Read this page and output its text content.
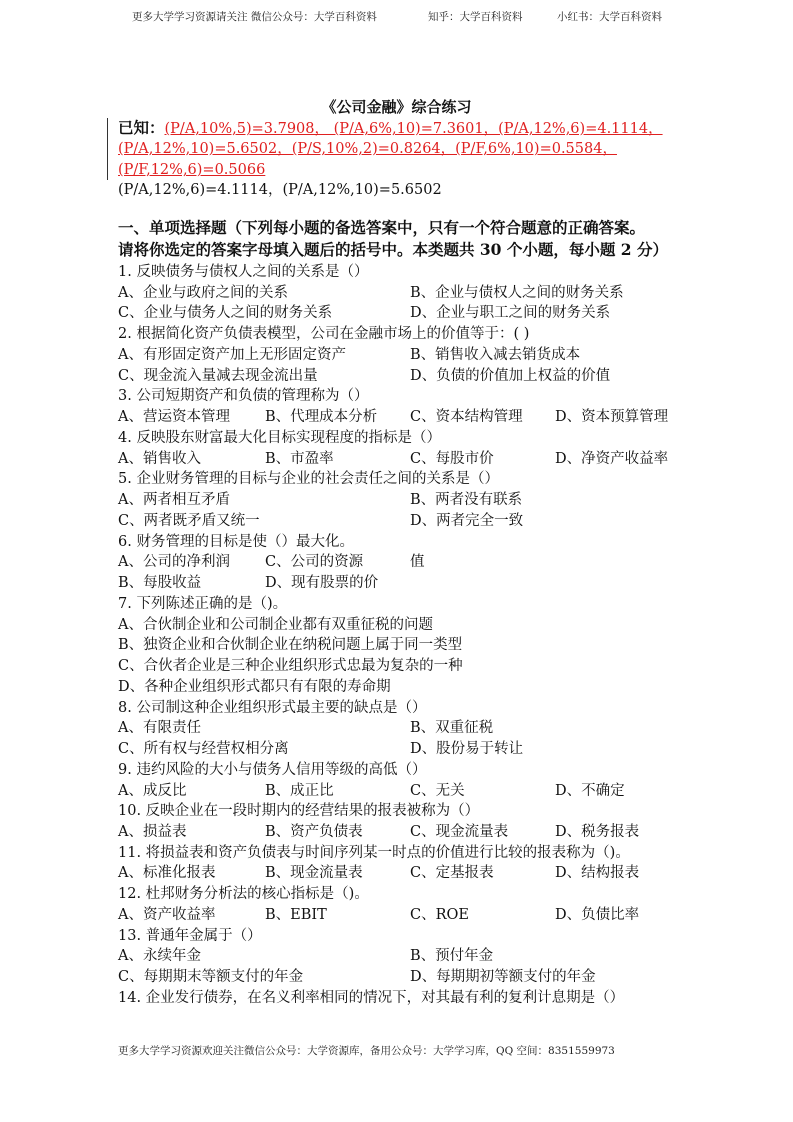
更多大学学习资源请关注 微信公众号：大学百科资料	知乎：大学百科资料	小红书：大学百科资料
《公司金融》综合练习
已知：(P/A,10%,5)=3.7908， (P/A,6%,10)=7.3601，(P/A,12%,6)=4.1114，
(P/A,12%,10)=5.6502，(P/S,10%,2)=0.8264，(P/F,6%,10)=0.5584，
(P/F,12%,6)=0.5066
(P/A,12%,6)=4.1114，(P/A,12%,10)=5.6502
一、单项选择题（下列每小题的备选答案中，只有一个符合题意的正确答案。
请将你选定的答案字母填入题后的括号中。本类题共 30 个小题，每小题 2 分）
1. 反映债务与债权人之间的关系是（）
A、企业与政府之间的关系	B、企业与债权人之间的财务关系
C、企业与债务人之间的财务关系	D、企业与职工之间的财务关系
2. 根据简化资产负债表模型，公司在金融市场上的价值等于：( )
A、有形固定资产加上无形固定资产	B、销售收入减去销货成本
C、现金流入量减去现金流出量	D、负债的价值加上权益的价值
3. 公司短期资产和负债的管理称为（）
A、营运资本管理 B、代理成本分析 C、资本结构管理 D、资本预算管理
4. 反映股东财富最大化目标实现程度的指标是（）
A、销售收入	B、市盈率	C、每股市价	D、净资产收益率
5. 企业财务管理的目标与企业的社会责任之间的关系是（）
A、两者相互矛盾	B、两者没有联系
C、两者既矛盾又统一	D、两者完全一致
6. 财务管理的目标是使（）最大化。
A、公司的净利润 C、公司的资源	值
B、每股收益	D、现有股票的价
7. 下列陈述正确的是（)。
A、合伙制企业和公司制企业都有双重征税的问题
B、独资企业和合伙制企业在纳税问题上属于同一类型
C、合伙者企业是三种企业组织形式忠最为复杂的一种
D、各种企业组织形式都只有有限的寿命期
8. 公司制这种企业组织形式最主要的缺点是（）
A、有限责任	B、双重征税
C、所有权与经营权相分离	D、股份易于转让
9. 违约风险的大小与债务人信用等级的高低（）
A、成反比	B、成正比	C、无关	D、不确定
10. 反映企业在一段时期内的经营结果的报表被称为（）
A、损益表	B、资产负债表	C、现金流量表	D、税务报表
11. 将损益表和资产负债表与时间序列某一时点的价值进行比较的报表称为（)。
A、标准化报表	B、现金流量表	C、定基报表	D、结构报表
12. 杜邦财务分析法的核心指标是（)。
A、资产收益率	B、EBIT	C、ROE	D、负债比率
13. 普通年金属于（）
A、永续年金	B、预付年金
C、每期期末等额支付的年金	D、每期期初等额支付的年金
14. 企业发行债券，在名义利率相同的情况下，对其最有利的复利计息期是（）
更多大学学习资源欢迎关注微信公众号：大学资源库，备用公众号：大学学习库，QQ 空间：8351559973
